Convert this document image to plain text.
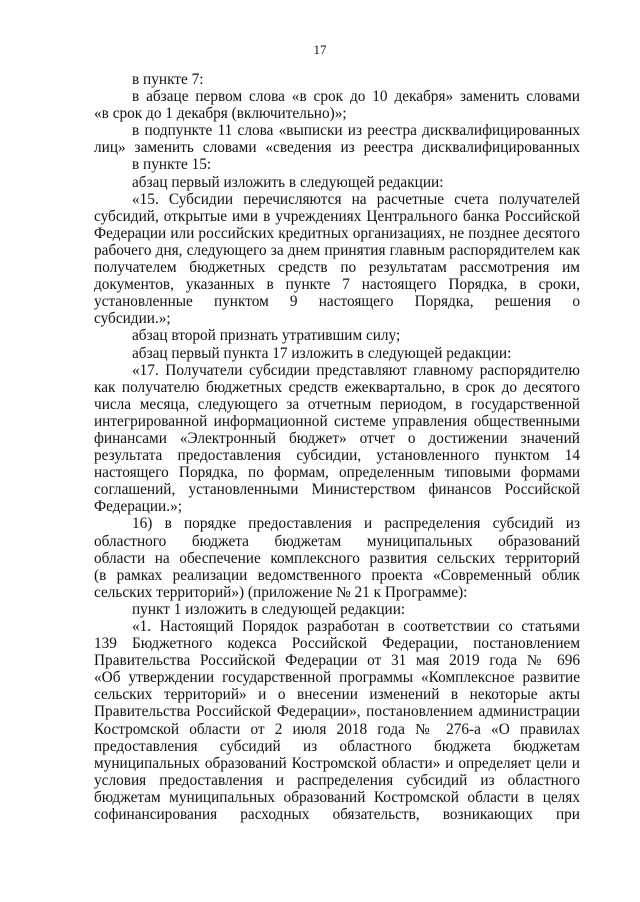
17
в пункте 7:
в абзаце первом слова «в срок до 10 декабря» заменить словами
«в срок до 1 декабря (включительно)»;
в подпункте 11 слова «выписки из реестра дисквалифицированных
лиц» заменить словами «сведения из реестра дисквалифицированных
в пункте 15:
абзац первый изложить в следующей редакции:
«15. Субсидии перечисляются на расчетные счета получателей
субсидий, открытые ими в учреждениях Центрального банка Российской
Федерации или российских кредитных организациях, не позднее десятого
рабочего дня, следующего за днем принятия главным распорядителем как
получателем бюджетных средств по результатам рассмотрения им
документов, указанных в пункте 7 настоящего Порядка, в сроки,
установленные пунктом 9 настоящего Порядка, решения о
субсидии.»;
абзац второй признать утратившим силу;
абзац первый пункта 17 изложить в следующей редакции:
«17. Получатели субсидии представляют главному распорядителю
как получателю бюджетных средств ежеквартально, в срок до десятого
числа месяца, следующего за отчетным периодом, в государственной
интегрированной информационной системе управления общественными
финансами «Электронный бюджет» отчет о достижении значений
результата предоставления субсидии, установленного пунктом 14
настоящего Порядка, по формам, определенным типовыми формами
соглашений, установленными Министерством финансов Российской
Федерации.»;
16) в порядке предоставления и распределения субсидий из
областного бюджета бюджетам муниципальных образований
области на обеспечение комплексного развития сельских территорий
(в рамках реализации ведомственного проекта «Современный облик
сельских территорий») (приложение № 21 к Программе):
пункт 1 изложить в следующей редакции:
«1. Настоящий Порядок разработан в соответствии со статьями
139 Бюджетного кодекса Российской Федерации, постановлением
Правительства Российской Федерации от 31 мая 2019 года № 696
«Об утверждении государственной программы «Комплексное развитие
сельских территорий» и о внесении изменений в некоторые акты
Правительства Российской Федерации», постановлением администрации
Костромской области от 2 июля 2018 года № 276-а «О правилах
предоставления субсидий из областного бюджета бюджетам
муниципальных образований Костромской области» и определяет цели и
условия предоставления и распределения субсидий из областного
бюджетам муниципальных образований Костромской области в целях
софинансирования расходных обязательств, возникающих при
